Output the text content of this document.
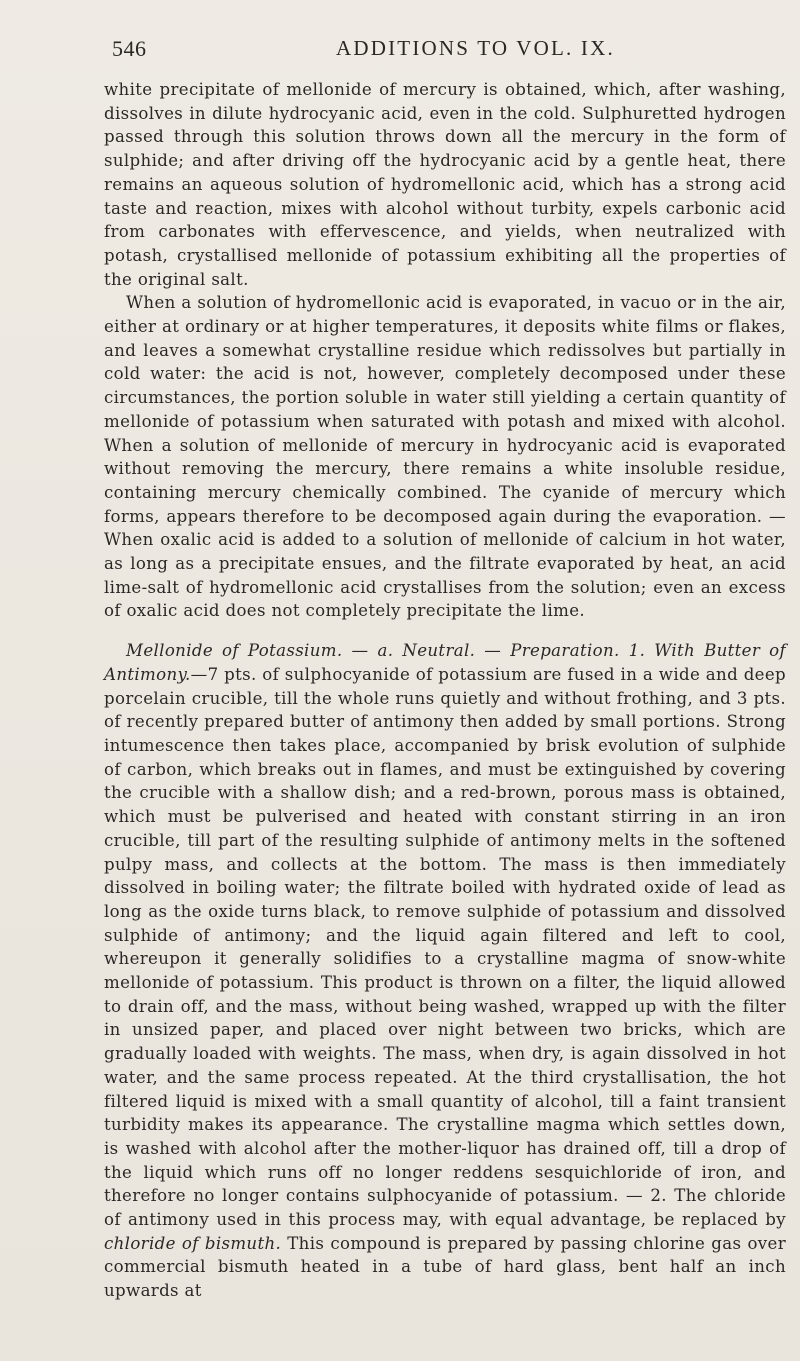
546	ADDITIONS TO VOL. IX.

white precipitate of mellonide of mercury is obtained, which, after washing, dissolves in dilute hydrocyanic acid, even in the cold. Sulphuretted hydrogen passed through this solution throws down all the mercury in the form of sulphide; and after driving off the hydrocyanic acid by a gentle heat, there remains an aqueous solution of hydromellonic acid, which has a strong acid taste and reaction, mixes with alcohol without turbity, expels carbonic acid from carbonates with effervescence, and yields, when neutralized with potash, crystallised mellonide of potassium exhibiting all the properties of the original salt.

When a solution of hydromellonic acid is evaporated, in vacuo or in the air, either at ordinary or at higher temperatures, it deposits white films or flakes, and leaves a somewhat crystalline residue which redissolves but partially in cold water: the acid is not, however, completely decomposed under these circumstances, the portion soluble in water still yielding a certain quantity of mellonide of potassium when saturated with potash and mixed with alcohol. When a solution of mellonide of mercury in hydrocyanic acid is evaporated without removing the mercury, there remains a white insoluble residue, containing mercury chemically combined. The cyanide of mercury which forms, appears therefore to be decomposed again during the evaporation. — When oxalic acid is added to a solution of mellonide of calcium in hot water, as long as a precipitate ensues, and the filtrate evaporated by heat, an acid lime-salt of hydromellonic acid crystallises from the solution; even an excess of oxalic acid does not completely precipitate the lime.

Mellonide of Potassium. — a. Neutral. — Preparation. 1. With Butter of Antimony.—7 pts. of sulphocyanide of potassium are fused in a wide and deep porcelain crucible, till the whole runs quietly and without frothing, and 3 pts. of recently prepared butter of antimony then added by small portions. Strong intumescence then takes place, accompanied by brisk evolution of sulphide of carbon, which breaks out in flames, and must be extinguished by covering the crucible with a shallow dish; and a red-brown, porous mass is obtained, which must be pulverised and heated with constant stirring in an iron crucible, till part of the resulting sulphide of antimony melts in the softened pulpy mass, and collects at the bottom. The mass is then immediately dissolved in boiling water; the filtrate boiled with hydrated oxide of lead as long as the oxide turns black, to remove sulphide of potassium and dissolved sulphide of antimony; and the liquid again filtered and left to cool, whereupon it generally solidifies to a crystalline magma of snow-white mellonide of potassium. This product is thrown on a filter, the liquid allowed to drain off, and the mass, without being washed, wrapped up with the filter in unsized paper, and placed over night between two bricks, which are gradually loaded with weights. The mass, when dry, is again dissolved in hot water, and the same process repeated. At the third crystallisation, the hot filtered liquid is mixed with a small quantity of alcohol, till a faint transient turbidity makes its appearance. The crystalline magma which settles down, is washed with alcohol after the mother-liquor has drained off, till a drop of the liquid which runs off no longer reddens sesquichloride of iron, and therefore no longer contains sulphocyanide of potassium. — 2. The chloride of antimony used in this process may, with equal advantage, be replaced by chloride of bismuth. This compound is prepared by passing chlorine gas over commercial bismuth heated in a tube of hard glass, bent half an inch upwards at
